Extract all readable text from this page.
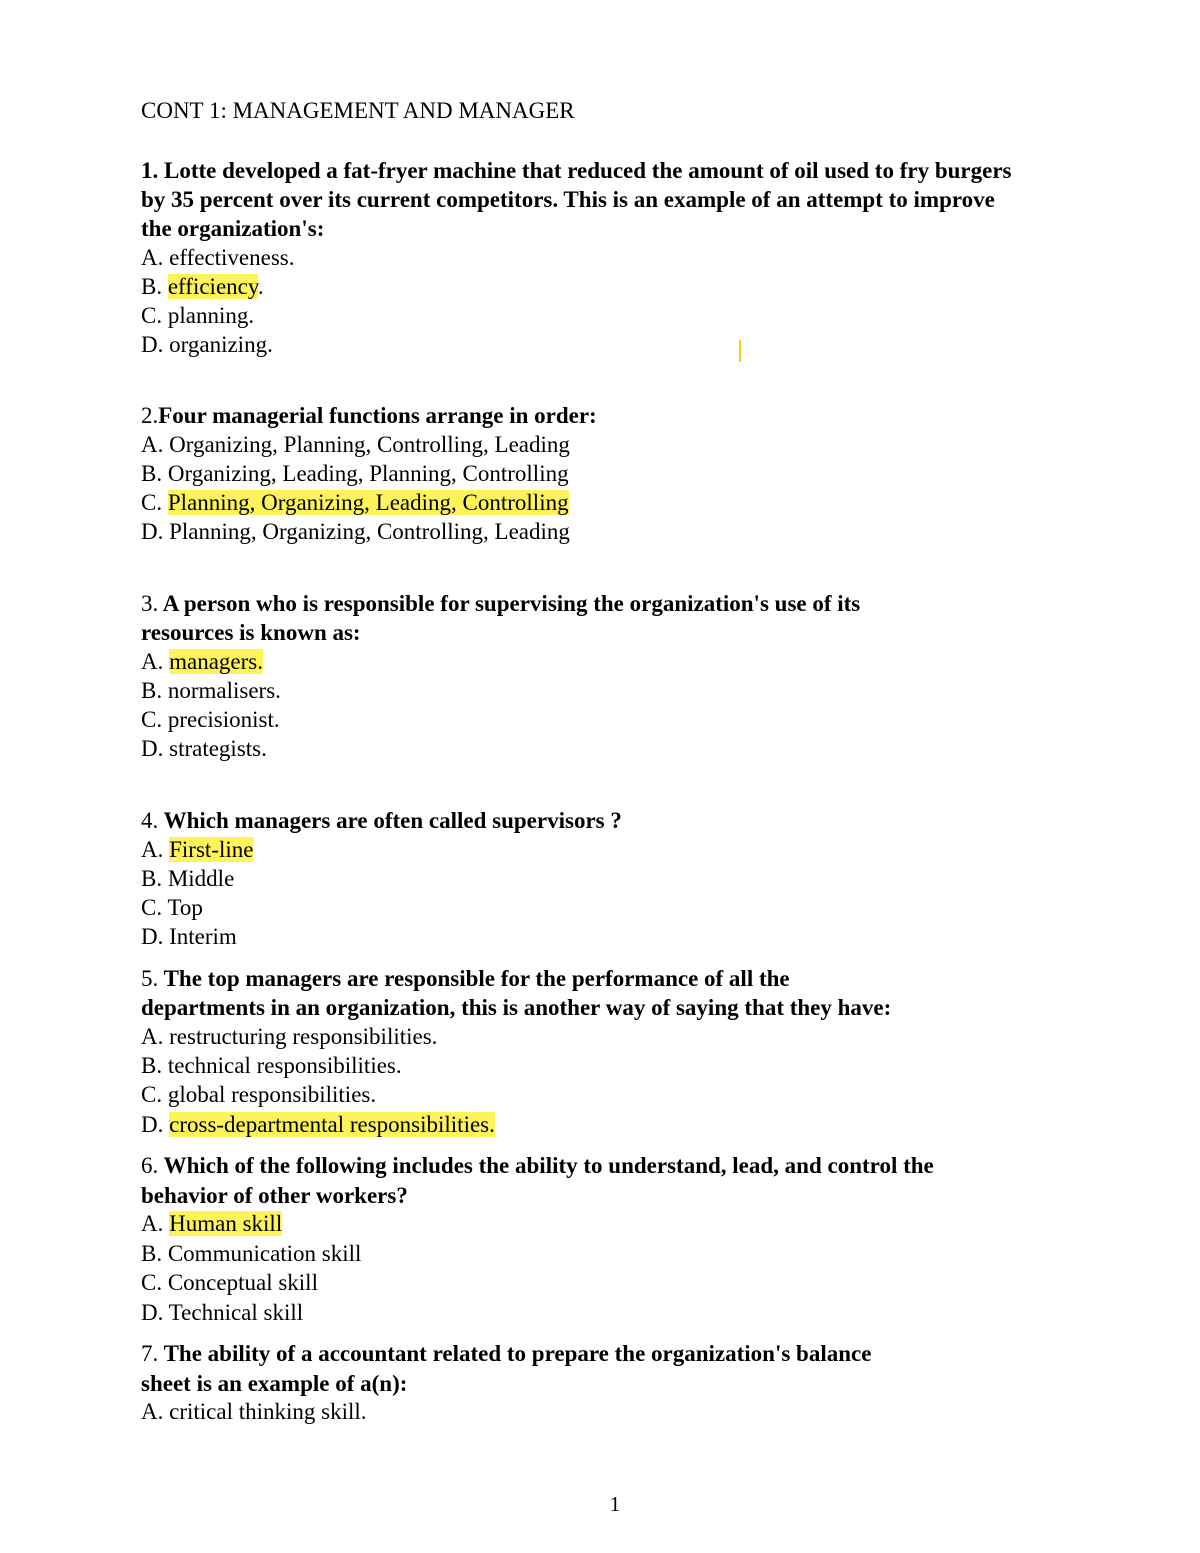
CONT 1: MANAGEMENT AND MANAGER
1. Lotte developed a fat-fryer machine that reduced the amount of oil used to fry burgers
by 35 percent over its current competitors. This is an example of an attempt to improve
the organization's:
A. effectiveness.
B. efficiency.
C. planning.
D. organizing.
2.Four managerial functions arrange in order:
A. Organizing, Planning, Controlling, Leading
B. Organizing, Leading, Planning, Controlling
C. Planning, Organizing, Leading, Controlling
D. Planning, Organizing, Controlling, Leading
3. A person who is responsible for supervising the organization's use of its
resources is known as:
A. managers.
B. normalisers.
C. precisionist.
D. strategists.
4. Which managers are often called supervisors ?
A. First-line
B. Middle
C. Top
D. Interim
5. The top managers are responsible for the performance of all the
departments in an organization, this is another way of saying that they have:
A. restructuring responsibilities.
B. technical responsibilities.
C. global responsibilities.
D. cross-departmental responsibilities.
6. Which of the following includes the ability to understand, lead, and control the
behavior of other workers?
A. Human skill
B. Communication skill
C. Conceptual skill
D. Technical skill
7. The ability of a accountant related to prepare the organization's balance
sheet is an example of a(n):
A. critical thinking skill.
1
